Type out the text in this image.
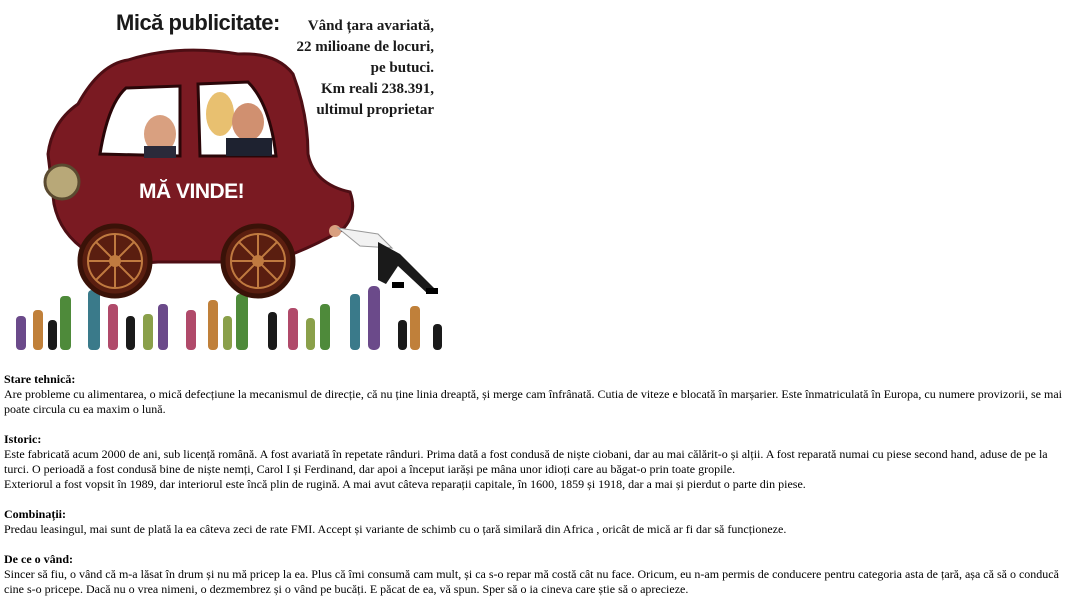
Mică publicitate:	Vând țara avariată,
22 milioane de locuri,
pe butuci.
Km reali 238.391,
ultimul proprietar
MĂ VINDE!
Stare tehnică:

Are probleme cu alimentarea, o mică defecțiune la mecanismul de direcție, că nu ține linia dreaptă, și merge cam înfrânată. Cutia de viteze e blocată în marșarier. Este înmatriculată în Europa, cu numere provizorii, se mai poate circula cu ea maxim o lună.

Istoric:

Este fabricată acum 2000 de ani, sub licență română. A fost avariată în repetate rânduri. Prima dată a fost condusă de niște ciobani, dar au mai călărit-o și alții. A fost reparată numai cu piese second hand, aduse de pe la turci. O perioadă a fost condusă bine de niște nemți, Carol I și Ferdinand, dar apoi a început iarăși pe mâna unor idioți care au băgat-o prin toate gropile.

Exteriorul a fost vopsit în 1989, dar interiorul este încă plin de rugină. A mai avut câteva reparații capitale, în 1600, 1859 și 1918, dar a mai și pierdut o parte din piese.

Combinații:

Predau leasingul, mai sunt de plată la ea câteva zeci de rate FMI. Accept și variante de schimb cu o țară similară din Africa , oricât de mică ar fi dar să funcționeze.

De ce o vând:

Sincer să fiu, o vând că m-a lăsat în drum și nu mă pricep la ea. Plus că îmi consumă cam mult, și ca s-o repar mă costă cât nu face. Oricum, eu n-am permis de conducere pentru categoria asta de țară, așa că să o conducă cine s-o pricepe. Dacă nu o vrea nimeni, o dezmembrez și o vând pe bucăți. E păcat de ea, vă spun. Sper să o ia cineva care știe să o aprecieze.
